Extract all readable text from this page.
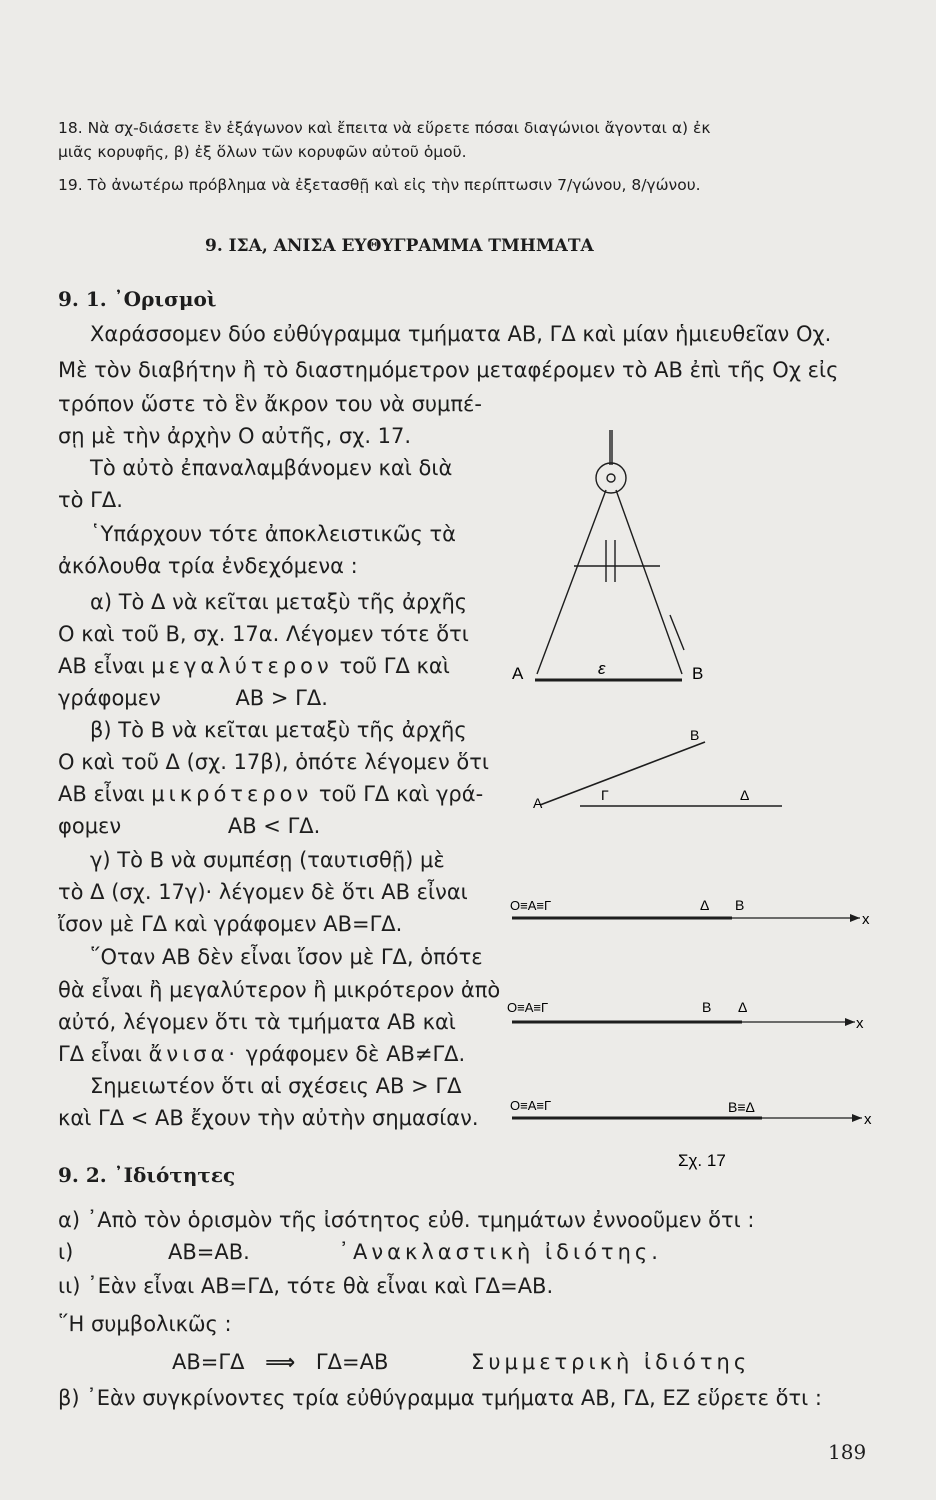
18. Νὰ σχ-διάσετε ἓν ἑξάγωνον καὶ ἔπειτα νὰ εὕρετε πόσαι διαγώνιοι ἄγονται α) ἐκ
μιᾶς κορυφῆς, β) ἐξ ὅλων τῶν κορυφῶν αὐτοῦ ὁμοῦ.
19. Τὸ ἀνωτέρω πρόβλημα νὰ ἐξετασθῇ καὶ εἰς τὴν περίπτωσιν 7/γώνου, 8/γώνου.
9. ΙΣΑ, ΑΝΙΣΑ ΕΥΘΥΓΡΑΜΜΑ ΤΜΗΜΑΤΑ
9. 1. ᾿Ορισμοὶ
Χαράσσομεν δύο εὐθύγραμμα τμήματα ΑΒ, ΓΔ καὶ μίαν ἡμιευθεῖαν Οχ.
Μὲ τὸν διαβήτην ἢ τὸ διαστημόμετρον μεταφέρομεν τὸ ΑΒ ἐπὶ τῆς Οχ εἰς
τρόπον ὥστε τὸ ἓν ἄκρον του νὰ συμπέ-
σῃ μὲ τὴν ἀρχὴν Ο αὐτῆς, σχ. 17.
Τὸ αὐτὸ ἐπαναλαμβάνομεν καὶ διὰ
τὸ ΓΔ.
῾Υπάρχουν τότε ἀποκλειστικῶς τὰ
ἀκόλουθα τρία ἐνδεχόμενα :
α) Τὸ Δ νὰ κεῖται μεταξὺ τῆς ἀρχῆς
Ο καὶ τοῦ Β, σχ. 17α. Λέγομεν τότε ὅτι
ΑΒ εἶναι μεγαλύτερον τοῦ ΓΔ καὶ
γράφομεν	ΑΒ > ΓΔ.
β) Τὸ Β νὰ κεῖται μεταξὺ τῆς ἀρχῆς
Ο καὶ τοῦ Δ (σχ. 17β), ὁπότε λέγομεν ὅτι
ΑΒ εἶναι μικρότερον τοῦ ΓΔ καὶ γρά-
φομεν	ΑΒ < ΓΔ.
γ) Τὸ Β νὰ συμπέσῃ (ταυτισθῇ) μὲ
τὸ Δ (σχ. 17γ)· λέγομεν δὲ ὅτι ΑΒ εἶναι
ἴσον μὲ ΓΔ καὶ γράφομεν ΑΒ=ΓΔ.
῞Οταν ΑΒ δὲν εἶναι ἴσον μὲ ΓΔ, ὁπότε
θὰ εἶναι ἢ μεγαλύτερον ἢ μικρότερον ἀπὸ
αὐτό, λέγομεν ὅτι τὰ τμήματα ΑΒ καὶ
ΓΔ εἶναι ἄνισα· γράφομεν δὲ ΑΒ≠ΓΔ.
Σημειωτέον ὅτι αἱ σχέσεις ΑΒ > ΓΔ
καὶ ΓΔ < ΑΒ ἔχουν τὴν αὐτὴν σημασίαν.
9. 2. ᾿Ιδιότητες
α) ᾿Απὸ τὸν ὁρισμὸν τῆς ἰσότητος εὐθ. τμημάτων ἐννοοῦμεν ὅτι :
ι)	ΑΒ=ΑΒ.	᾿Ανακλαστικὴ ἰδιότης.
ιι) ᾿Εὰν εἶναι ΑΒ=ΓΔ, τότε θὰ εἶναι καὶ ΓΔ=ΑΒ.
῞Η συμβολικῶς :
ΑΒ=ΓΔ ⟹ ΓΔ=ΑΒ	Συμμετρικὴ ἰδιότης
β) ᾿Εὰν συγκρίνοντες τρία εὐθύγραμμα τμήματα ΑΒ, ΓΔ, ΕΖ εὕρετε ὅτι :
Α	Β
ε
Α
Β
Γ	Δ
Ο≡Α≡Γ	Δ Β
x
Ο≡Α≡Γ	Β Δ
x
Ο≡Α≡Γ	Β≡Δ
x
Σχ. 17
189
